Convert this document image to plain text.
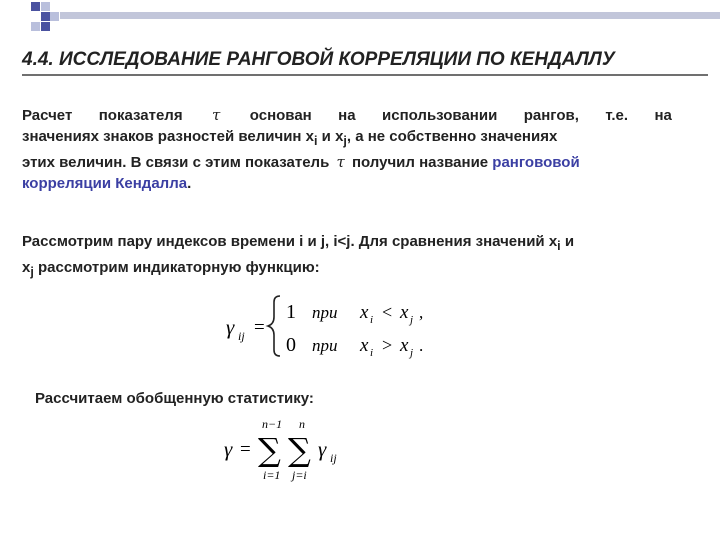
4.4. ИССЛЕДОВАНИЕ РАНГОВОЙ КОРРЕЛЯЦИИ ПО КЕНДАЛЛУ
Расчет показателя τ основан на использовании рангов, т.е. на
значениях знаков разностей величин $x_i$ и $x_j$, а не собственно значениях
этих величин. В связи с этим показатель τ получил название рангововой
корреляции Кендалла.
Рассмотрим пару индексов времени i и j, i<j. Для сравнения значений $x_i$ и
$x_j$ рассмотрим индикаторную функцию:
γ ij =
1 при x i < x j ,
0 при x i > x j .
Рассчитаем обобщенную статистику:
γ =
n−1
∑
i=1
n
∑
j=i
γ ij
